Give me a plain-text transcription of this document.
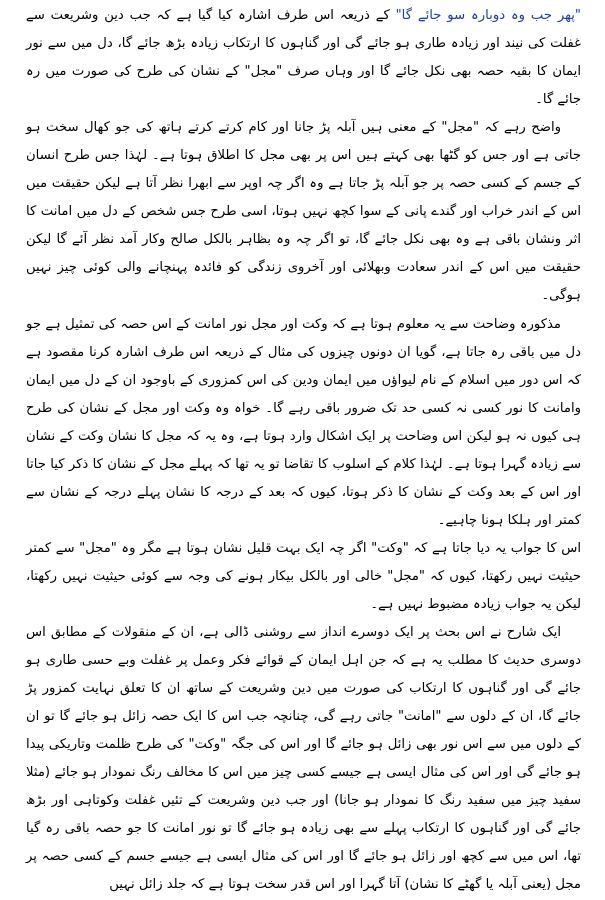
"پھر جب وہ دوبارہ سو جائے گا" کے ذریعہ اس طرف اشارہ کیا گیا ہے کہ جب دین وشریعت سے غفلت کی نیند اور زیادہ طاری ہو جائے گی اور گناہوں کا ارتکاب زیادہ بڑھ جائے گا، دل میں سے نور ایمان کا بقیہ حصہ بھی نکل جائے گا اور وہاں صرف "مجل" کے نشان کی طرح کی صورت میں رہ جائے گا۔

واضح رہے کہ "مجل" کے معنی ہیں آبلہ پڑ جانا اور کام کرتے کرتے ہاتھ کی جو کھال سخت ہو جاتی ہے اور جس کو گٹھا بھی کہتے ہیں اس پر بھی مجل کا اطلاق ہوتا ہے۔ لہٰذا جس طرح انسان کے جسم کے کسی حصہ پر جو آبلہ پڑ جاتا ہے وہ اگر چہ اوپر سے ابھرا نظر آتا ہے لیکن حقیقت میں اس کے اندر خراب اور گندے پانی کے سوا کچھ نہیں ہوتا، اسی طرح جس شخص کے دل میں امانت کا اثر ونشان باقی ہے وہ بھی نکل جائے گا، تو اگر چہ وہ بظاہر بالکل صالح وکار آمد نظر آئے گا لیکن حقیقت میں اس کے اندر سعادت وبھلائی اور آخروی زندگی کو فائدہ پہنچانے والی کوئی چیز نہیں ہوگی۔

مذکورہ وضاحت سے یہ معلوم ہوتا ہے کہ وکت اور مجل نور امانت کے اس حصہ کی تمثیل ہے جو دل میں باقی رہ جاتا ہے، گویا ان دونوں چیزوں کی مثال کے ذریعہ اس طرف اشارہ کرنا مقصود ہے کہ اس دور میں اسلام کے نام لیواؤں میں ایمان ودین کی اس کمزوری کے باوجود ان کے دل میں ایمان وامانت کا نور کسی نہ کسی حد تک ضرور باقی رہے گا۔ خواہ وہ وکت اور مجل کے نشان کی طرح ہی کیوں نہ ہو لیکن اس وضاحت پر ایک اشکال وارد ہوتا ہے، وہ یہ کہ مجل کا نشان وکت کے نشان سے زیادہ گہرا ہوتا ہے۔ لہٰذا کلام کے اسلوب کا تقاضا تو یہ تھا کہ پہلے مجل کے نشان کا ذکر کیا جاتا اور اس کے بعد وکت کے نشان کا ذکر ہوتا، کیوں کہ بعد کے درجہ کا نشان پہلے درجہ کے نشان سے کمتر اور ہلکا ہونا چاہیے۔

اس کا جواب یہ دیا جاتا ہے کہ "وکت" اگر چہ ایک بہت قلیل نشان ہوتا ہے مگر وہ "مجل" سے کمتر حیثیت نہیں رکھتا، کیوں کہ "مجل" خالی اور بالکل بیکار ہونے کی وجہ سے کوئی حیثیت نہیں رکھتا، لیکن یہ جواب زیادہ مضبوط نہیں ہے۔

ایک شارح نے اس بحث پر ایک دوسرے انداز سے روشنی ڈالی ہے، ان کے منقولات کے مطابق اس دوسری حدیث کا مطلب یہ ہے کہ جن اہل ایمان کے قوائے فکر وعمل پر غفلت وبے حسی طاری ہو جائے گی اور گناہوں کا ارتکاب کی صورت میں دین وشریعت کے ساتھ ان کا تعلق نہایت کمزور پڑ جائے گا، ان کے دلوں سے "امانت" جاتی رہے گی، چنانچہ جب اس کا ایک حصہ زائل ہو جائے گا تو ان کے دلوں میں سے اس نور بھی زائل ہو جائے گا اور اس کی جگہ "وکت" کی طرح ظلمت وتاریکی پیدا ہو جائے گی اور اس کی مثال ایسی ہے جیسے کسی چیز میں اس کا مخالف رنگ نمودار ہو جائے (مثلا سفید چیز میں سفید رنگ کا نمودار ہو جانا) اور جب دین وشریعت کے تئیں غفلت وکوتاہی اور بڑھ جائے گی اور گناہوں کا ارتکاب پہلے سے بھی زیادہ ہو جائے گا تو نور امانت کا جو حصہ باقی رہ گیا تھا، اس میں سے کچھ اور زائل ہو جائے گا اور اس کی مثال ایسی ہے جیسے جسم کے کسی حصہ پر مجل (یعنی آبلہ یا گھٹے کا نشان) آتا گہرا اور اس قدر سخت ہوتا ہے کہ جلد زائل نہیں
